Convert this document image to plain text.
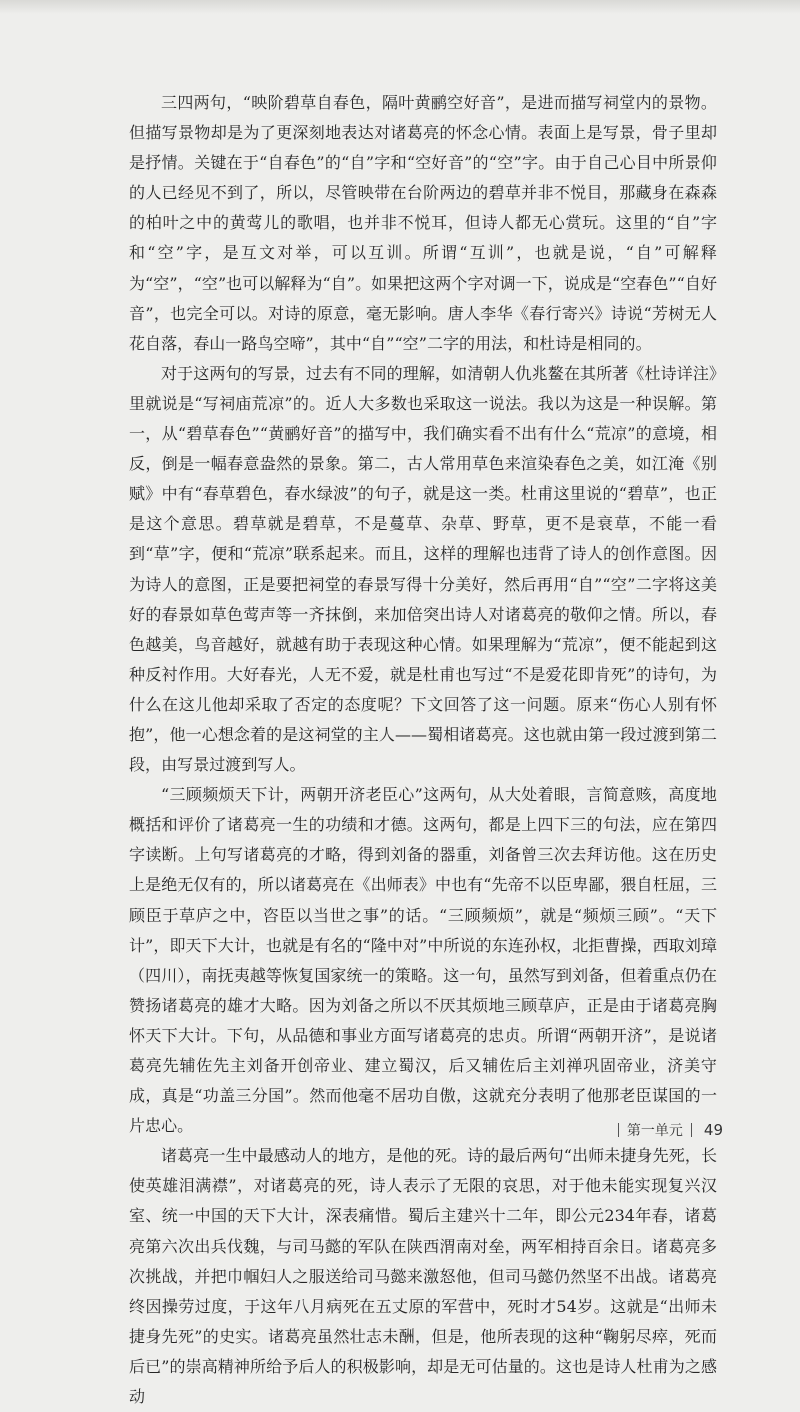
三四两句，“映阶碧草自春色，隔叶黄鹂空好音”，是进而描写祠堂内的景物。但描写景物却是为了更深刻地表达对诸葛亮的怀念心情。表面上是写景，骨子里却是抒情。关键在于“自春色”的“自”字和“空好音”的“空”字。由于自己心目中所景仰的人已经见不到了，所以，尽管映带在台阶两边的碧草并非不悦目，那藏身在森森的柏叶之中的黄莺儿的歌唱，也并非不悦耳，但诗人都无心赏玩。这里的“自”字和“空”字，是互文对举，可以互训。所谓“互训”，也就是说，“自”可解释为“空”，“空”也可以解释为“自”。如果把这两个字对调一下，说成是“空春色”“自好音”，也完全可以。对诗的原意，毫无影响。唐人李华《春行寄兴》诗说“芳树无人花自落，春山一路鸟空啼”，其中“自”“空”二字的用法，和杜诗是相同的。

对于这两句的写景，过去有不同的理解，如清朝人仇兆鳌在其所著《杜诗详注》里就说是“写祠庙荒凉”的。近人大多数也采取这一说法。我以为这是一种误解。第一，从“碧草春色”“黄鹂好音”的描写中，我们确实看不出有什么“荒凉”的意境，相反，倒是一幅春意盎然的景象。第二，古人常用草色来渲染春色之美，如江淹《别赋》中有“春草碧色，春水绿波”的句子，就是这一类。杜甫这里说的“碧草”，也正是这个意思。碧草就是碧草，不是蔓草、杂草、野草，更不是衰草，不能一看到“草”字，便和“荒凉”联系起来。而且，这样的理解也违背了诗人的创作意图。因为诗人的意图，正是要把祠堂的春景写得十分美好，然后再用“自”“空”二字将这美好的春景如草色莺声等一齐抹倒，来加倍突出诗人对诸葛亮的敬仰之情。所以，春色越美，鸟音越好，就越有助于表现这种心情。如果理解为“荒凉”，便不能起到这种反衬作用。大好春光，人无不爱，就是杜甫也写过“不是爱花即肯死”的诗句，为什么在这儿他却采取了否定的态度呢？下文回答了这一问题。原来“伤心人别有怀抱”，他一心想念着的是这祠堂的主人——蜀相诸葛亮。这也就由第一段过渡到第二段，由写景过渡到写人。

“三顾频烦天下计，两朝开济老臣心”这两句，从大处着眼，言简意赅，高度地概括和评价了诸葛亮一生的功绩和才德。这两句，都是上四下三的句法，应在第四字读断。上句写诸葛亮的才略，得到刘备的器重，刘备曾三次去拜访他。这在历史上是绝无仅有的，所以诸葛亮在《出师表》中也有“先帝不以臣卑鄙，猥自枉屈，三顾臣于草庐之中，咨臣以当世之事”的话。“三顾频烦”，就是“频烦三顾”。“天下计”，即天下大计，也就是有名的“隆中对”中所说的东连孙权，北拒曹操，西取刘璋（四川），南抚夷越等恢复国家统一的策略。这一句，虽然写到刘备，但着重点仍在赞扬诸葛亮的雄才大略。因为刘备之所以不厌其烦地三顾草庐，正是由于诸葛亮胸怀天下大计。下句，从品德和事业方面写诸葛亮的忠贞。所谓“两朝开济”，是说诸葛亮先辅佐先主刘备开创帝业、建立蜀汉，后又辅佐后主刘禅巩固帝业，济美守成，真是“功盖三分国”。然而他毫不居功自傲，这就充分表明了他那老臣谋国的一片忠心。

诸葛亮一生中最感动人的地方，是他的死。诗的最后两句“出师未捷身先死，长使英雄泪满襟”，对诸葛亮的死，诗人表示了无限的哀思，对于他未能实现复兴汉室、统一中国的天下大计，深表痛惜。蜀后主建兴十二年，即公元234年春，诸葛亮第六次出兵伐魏，与司马懿的军队在陕西渭南对垒，两军相持百余日。诸葛亮多次挑战，并把巾帼妇人之服送给司马懿来激怒他，但司马懿仍然坚不出战。诸葛亮终因操劳过度，于这年八月病死在五丈原的军营中，死时才54岁。这就是“出师未捷身先死”的史实。诸葛亮虽然壮志未酬，但是，他所表现的这种“鞠躬尽瘁，死而后已”的崇高精神所给予后人的积极影响，却是无可估量的。这也是诗人杜甫为之感动

第一单元 49
